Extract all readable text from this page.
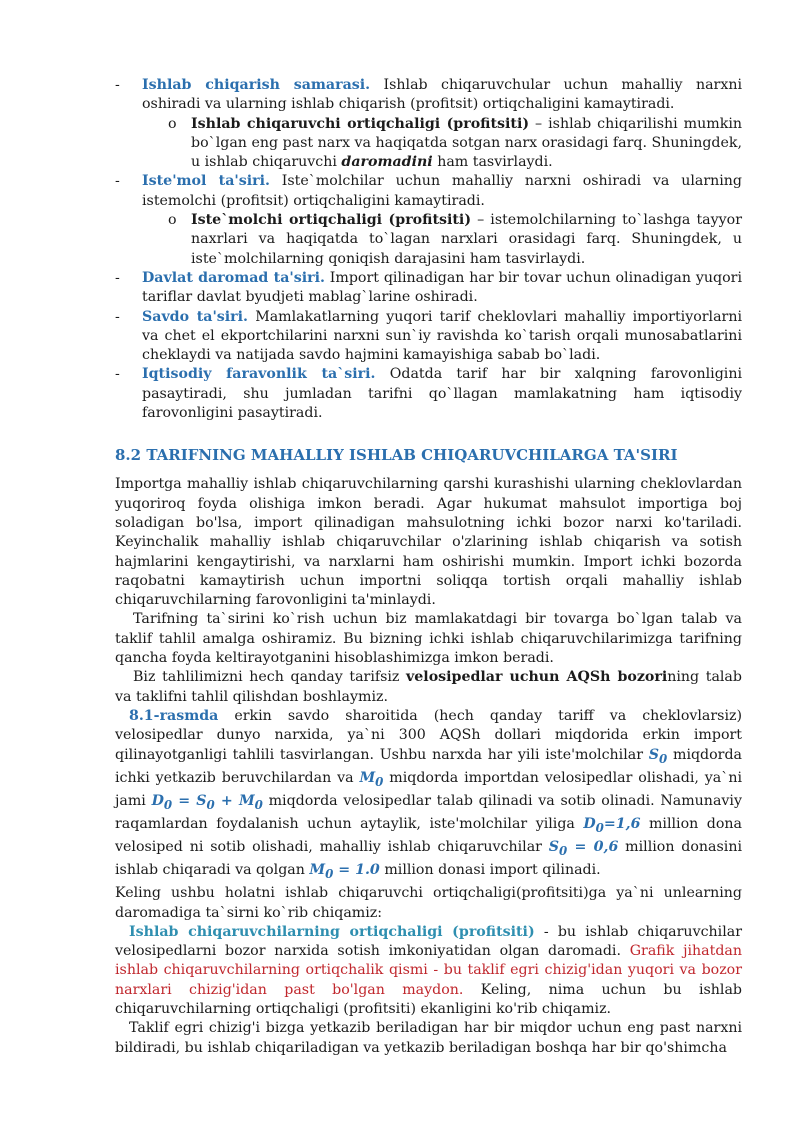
- Ishlab chiqarish samarasi. Ishlab chiqaruvchular uchun mahalliy narxni oshiradi va ularning ishlab chiqarish (profitsit) ortiqchaligini kamaytiradi.
o Ishlab chiqaruvchi ortiqchaligi (profitsiti) – ishlab chiqarilishi mumkin bo`lgan eng past narx va haqiqatda sotgan narx orasidagi farq. Shuningdek, u ishlab chiqaruvchi daromadini ham tasvirlaydi.
- Iste'mol ta'siri. Iste`molchilar uchun mahalliy narxni oshiradi va ularning istemolchi (profitsit) ortiqchaligini kamaytiradi.
o Iste`molchi ortiqchaligi (profitsiti) – istemolchilarning to`lashga tayyor naxrlari va haqiqatda to`lagan narxlari orasidagi farq. Shuningdek, u iste`molchilarning qoniqish darajasini ham tasvirlaydi.
- Davlat daromad ta'siri. Import qilinadigan har bir tovar uchun olinadigan yuqori tariflar davlat byudjeti mablag`larine oshiradi.
- Savdo ta'siri. Mamlakatlarning yuqori tarif cheklovlari mahalliy importiyorlarni va chet el ekportchilarini narxni sun`iy ravishda ko`tarish orqali munosabatlarini cheklaydi va natijada savdo hajmini kamayishiga sabab bo`ladi.
- Iqtisodiy faravonlik ta`siri. Odatda tarif har bir xalqning farovonligini pasaytiradi, shu jumladan tarifni qo`llagan mamlakatning ham iqtisodiy farovonligini pasaytiradi.
8.2 TARIFNING MAHALLIY ISHLAB CHIQARUVCHILARGA TA'SIRI

Importga mahalliy ishlab chiqaruvchilarning qarshi kurashishi ularning cheklovlardan yuqoriroq foyda olishiga imkon beradi. Agar hukumat mahsulot importiga boj soladigan bo'lsa, import qilinadigan mahsulotning ichki bozor narxi ko'tariladi. Keyinchalik mahalliy ishlab chiqaruvchilar o'zlarining ishlab chiqarish va sotish hajmlarini kengaytirishi, va narxlarni ham oshirishi mumkin. Import ichki bozorda raqobatni kamaytirish uchun importni soliqqa tortish orqali mahalliy ishlab chiqaruvchilarning farovonligini ta'minlaydi.

Tarifning ta`sirini ko`rish uchun biz mamlakatdagi bir tovarga bo`lgan talab va taklif tahlil amalga oshiramiz. Bu bizning ichki ishlab chiqaruvchilarimizga tarifning qancha foyda keltirayotganini hisoblashimizga imkon beradi.

Biz tahlilimizni hech qanday tarifsiz velosipedlar uchun AQSh bozorining talab va taklifni tahlil qilishdan boshlaymiz.

8.1-rasmda erkin savdo sharoitida (hech qanday tariff va cheklovlarsiz) velosipedlar dunyo narxida, ya`ni 300 AQSh dollari miqdorida erkin import qilinayotganligi tahlili tasvirlangan. Ushbu narxda har yili iste'molchilar $S_0$ miqdorda ichki yetkazib beruvchilardan va $M_0$ miqdorda importdan velosipedlar olishadi, ya`ni jami $D_0 = S_0 + M_0$ miqdorda velosipedlar talab qilinadi va sotib olinadi. Namunaviy raqamlardan foydalanish uchun aytaylik, iste'molchilar yiliga $D_0=1,6$ million dona velosiped ni sotib olishadi, mahalliy ishlab chiqaruvchilar $S_0 = 0,6$ million donasini ishlab chiqaradi va qolgan $M_0 = 1.0$ million donasi import qilinadi.

Keling ushbu holatni ishlab chiqaruvchi ortiqchaligi(profitsiti)ga ya`ni unlearning daromadiga ta`sirni ko`rib chiqamiz:

Ishlab chiqaruvchilarning ortiqchaligi (profitsiti) - bu ishlab chiqaruvchilar velosipedlarni bozor narxida sotish imkoniyatidan olgan daromadi. Grafik jihatdan ishlab chiqaruvchilarning ortiqchalik qismi - bu taklif egri chizig'idan yuqori va bozor narxlari chizig'idan past bo'lgan maydon. Keling, nima uchun bu ishlab chiqaruvchilarning ortiqchaligi (profitsiti) ekanligini ko'rib chiqamiz.

Taklif egri chizig'i bizga yetkazib beriladigan har bir miqdor uchun eng past narxni bildiradi, bu ishlab chiqariladigan va yetkazib beriladigan boshqa har bir qo'shimcha
